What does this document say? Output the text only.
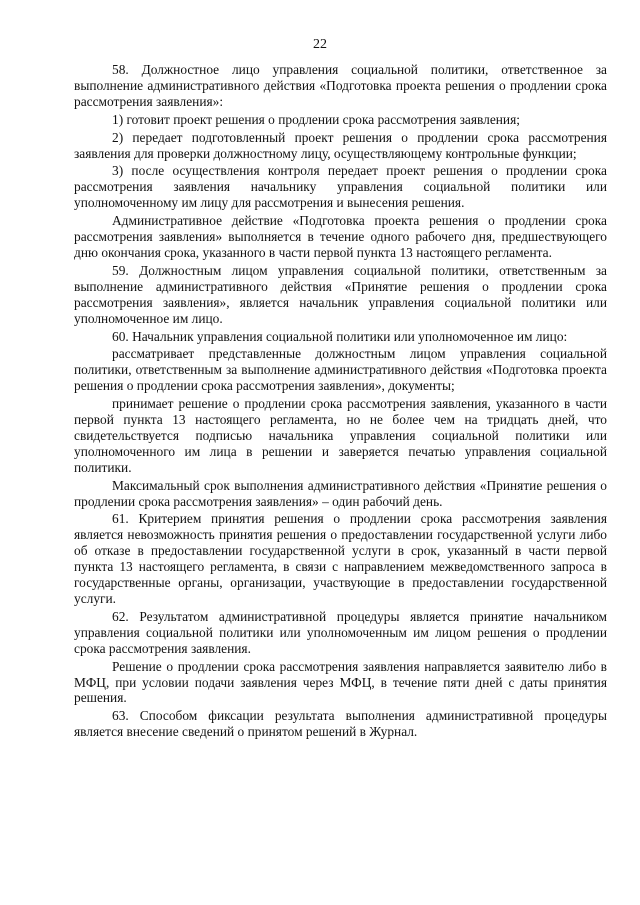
22

58. Должностное лицо управления социальной политики, ответственное за выполнение административного действия «Подготовка проекта решения о продлении срока рассмотрения заявления»:

1) готовит проект решения о продлении срока рассмотрения заявления;

2) передает подготовленный проект решения о продлении срока рассмотрения заявления для проверки должностному лицу, осуществляющему контрольные функции;

3) после осуществления контроля передает проект решения о продлении срока рассмотрения заявления начальнику управления социальной политики или уполномоченному им лицу для рассмотрения и вынесения решения.

Административное действие «Подготовка проекта решения о продлении срока рассмотрения заявления» выполняется в течение одного рабочего дня, предшествующего дню окончания срока, указанного в части первой пункта 13 настоящего регламента.

59. Должностным лицом управления социальной политики, ответственным за выполнение административного действия «Принятие решения о продлении срока рассмотрения заявления», является начальник управления социальной политики или уполномоченное им лицо.

60. Начальник управления социальной политики или уполномоченное им лицо:

рассматривает представленные должностным лицом управления социальной политики, ответственным за выполнение административного действия «Подготовка проекта решения о продлении срока рассмотрения заявления», документы;

принимает решение о продлении срока рассмотрения заявления, указанного в части первой пункта 13 настоящего регламента, но не более чем на тридцать дней, что свидетельствуется подписью начальника управления социальной политики или уполномоченного им лица в решении и заверяется печатью управления социальной политики.

Максимальный срок выполнения административного действия «Принятие решения о продлении срока рассмотрения заявления» – один рабочий день.

61. Критерием принятия решения о продлении срока рассмотрения заявления является невозможность принятия решения о предоставлении государственной услуги либо об отказе в предоставлении государственной услуги в срок, указанный в части первой пункта 13 настоящего регламента, в связи с направлением межведомственного запроса в государственные органы, организации, участвующие в предоставлении государственной услуги.

62. Результатом административной процедуры является принятие начальником управления социальной политики или уполномоченным им лицом решения о продлении срока рассмотрения заявления.

Решение о продлении срока рассмотрения заявления направляется заявителю либо в МФЦ, при условии подачи заявления через МФЦ, в течение пяти дней с даты принятия решения.

63. Способом фиксации результата выполнения административной процедуры является внесение сведений о принятом решений в Журнал.
